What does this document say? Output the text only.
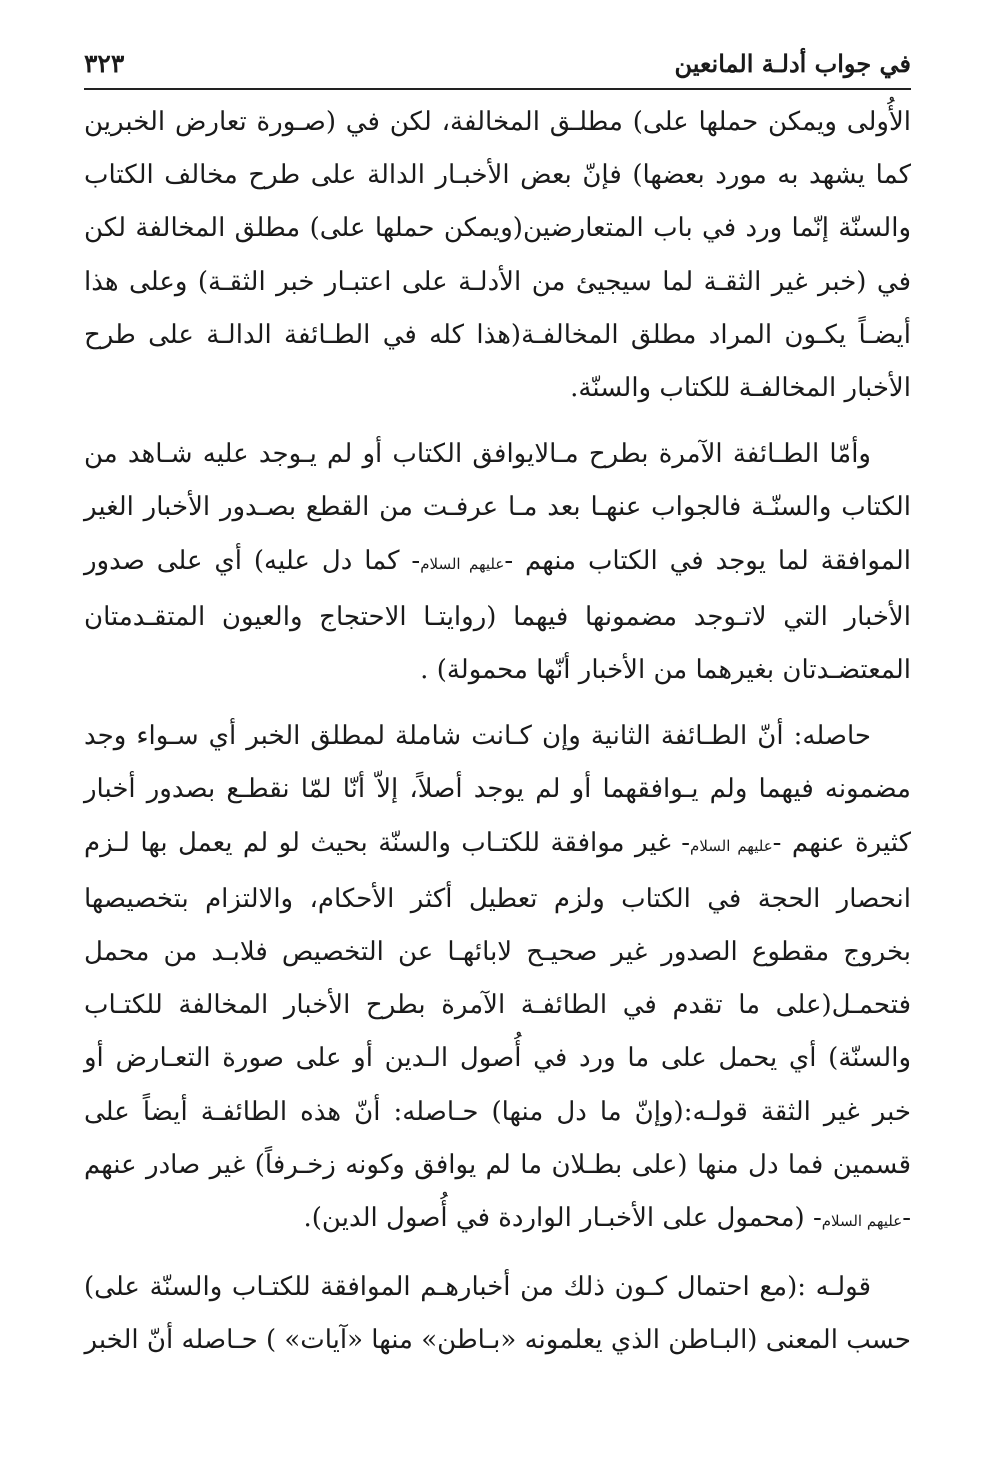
في جواب أدلـة المانعين
٣٢٣

الأُولى ويمكن حملها على) مطلـق المخالفة، لكن في (صـورة تعارض الخبرين كما يشهد به مورد بعضها) فإنّ بعض الأخبـار الدالة على طرح مخالف الكتاب والسنّة إنّما ورد في باب المتعارضين(ويمكن حملها على) مطلق المخالفة لكن في (خبر غير الثقـة لما سيجيئ من الأدلـة على اعتبـار خبر الثقـة) وعلى هذا أيضـاً يكـون المراد مطلق المخالفـة(هذا كله في الطـائفة الدالـة على طرح الأخبار المخالفـة للكتاب والسنّة.

وأمّا الطـائفة الآمرة بطرح مـالايوافق الكتاب أو لم يـوجد عليه شـاهد من الكتاب والسنّـة فالجواب عنهـا بعد مـا عرفـت من القطع بصـدور الأخبار الغير الموافقة لما يوجد في الكتاب منهم -عليهم السلام- كما دل عليه) أي على صدور الأخبار التي لاتـوجد مضمونها فيهما (روايتـا الاحتجاج والعيون المتقـدمتان المعتضـدتان بغيرهما من الأخبار أنّها محمولة) .

حاصله: أنّ الطـائفة الثانية وإن كـانت شاملة لمطلق الخبر أي سـواء وجد مضمونه فيهما ولم يـوافقهما أو لم يوجد أصلاً، إلاّ أنّا لمّا نقطـع بصدور أخبار كثيرة عنهم -عليهم السلام- غير موافقة للكتـاب والسنّة بحيث لو لم يعمل بها لـزم انحصار الحجة في الكتاب ولزم تعطيل أكثر الأحكام، والالتزام بتخصيصها بخروج مقطوع الصدور غير صحيـح لابائهـا عن التخصيص فلابـد من محمل فتحمـل(على ما تقدم في الطائفـة الآمرة بطرح الأخبار المخالفة للكتـاب والسنّة) أي يحمل على ما ورد في أُصول الـدين أو على صورة التعـارض أو خبر غير الثقة قولـه:(وإنّ ما دل منها) حـاصله: أنّ هذه الطائفـة أيضاً على قسمين فما دل منها (على بطـلان ما لم يوافق وكونه زخـرفاً) غير صادر عنهم -عليهم السلام- (محمول على الأخبـار الواردة في أُصول الدين).

قولـه :(مع احتمال كـون ذلك من أخبارهـم الموافقة للكتـاب والسنّة على) حسب المعنى (البـاطن الذي يعلمونه «بـاطن» منها «آيات» ) حـاصله أنّ الخبر
